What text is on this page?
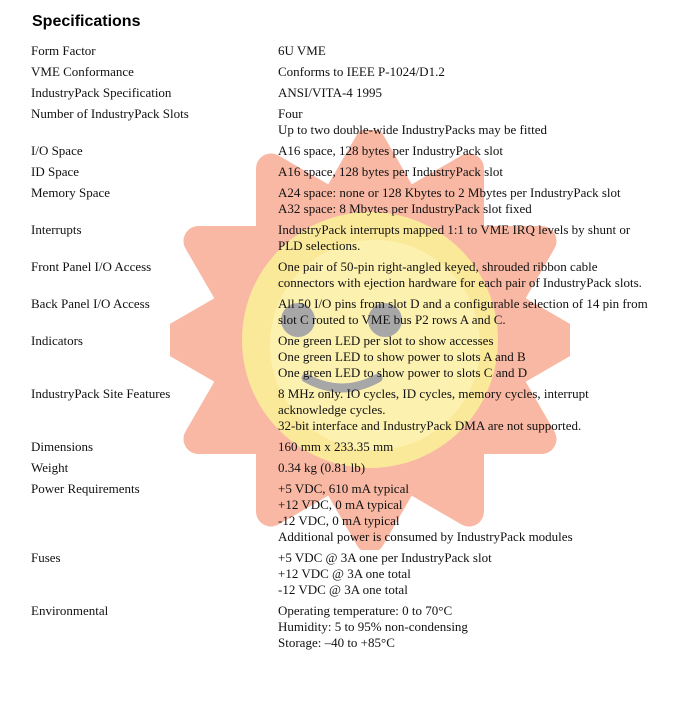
Specifications
Form Factor	6U VME
VME Conformance	Conforms to IEEE P-1024/D1.2
IndustryPack Specification	ANSI/VITA-4 1995
Number of IndustryPack Slots	Four
Up to two double-wide IndustryPacks may be fitted
I/O Space	A16 space, 128 bytes per IndustryPack slot
ID Space	A16 space, 128 bytes per IndustryPack slot
Memory Space	A24 space: none or 128 Kbytes to 2 Mbytes per IndustryPack slot
A32 space: 8 Mbytes per IndustryPack slot fixed
Interrupts	IndustryPack interrupts mapped 1:1 to VME IRQ levels by shunt or PLD selections.
Front Panel I/O Access	One pair of 50-pin right-angled keyed, shrouded ribbon cable connectors with ejection hardware for each pair of IndustryPack slots.
Back Panel I/O Access	All 50 I/O pins from slot D and a configurable selection of 14 pin from slot C routed to VME bus P2 rows A and C.
Indicators	One green LED per slot to show accesses
One green LED to show power to slots A and B
One green LED to show power to slots C and D
IndustryPack Site Features	8 MHz only. IO cycles, ID cycles, memory cycles, interrupt acknowledge cycles.
32-bit interface and IndustryPack DMA are not supported.
Dimensions	160 mm x 233.35 mm
Weight	0.34 kg (0.81 lb)
Power Requirements	+5 VDC, 610 mA typical
+12 VDC, 0 mA typical
-12 VDC, 0 mA typical
Additional power is consumed by IndustryPack modules
Fuses	+5 VDC @ 3A one per IndustryPack slot
+12 VDC @ 3A one total
-12 VDC @ 3A one total
Environmental	Operating temperature: 0 to 70°C
Humidity: 5 to 95% non-condensing
Storage: –40 to +85°C
